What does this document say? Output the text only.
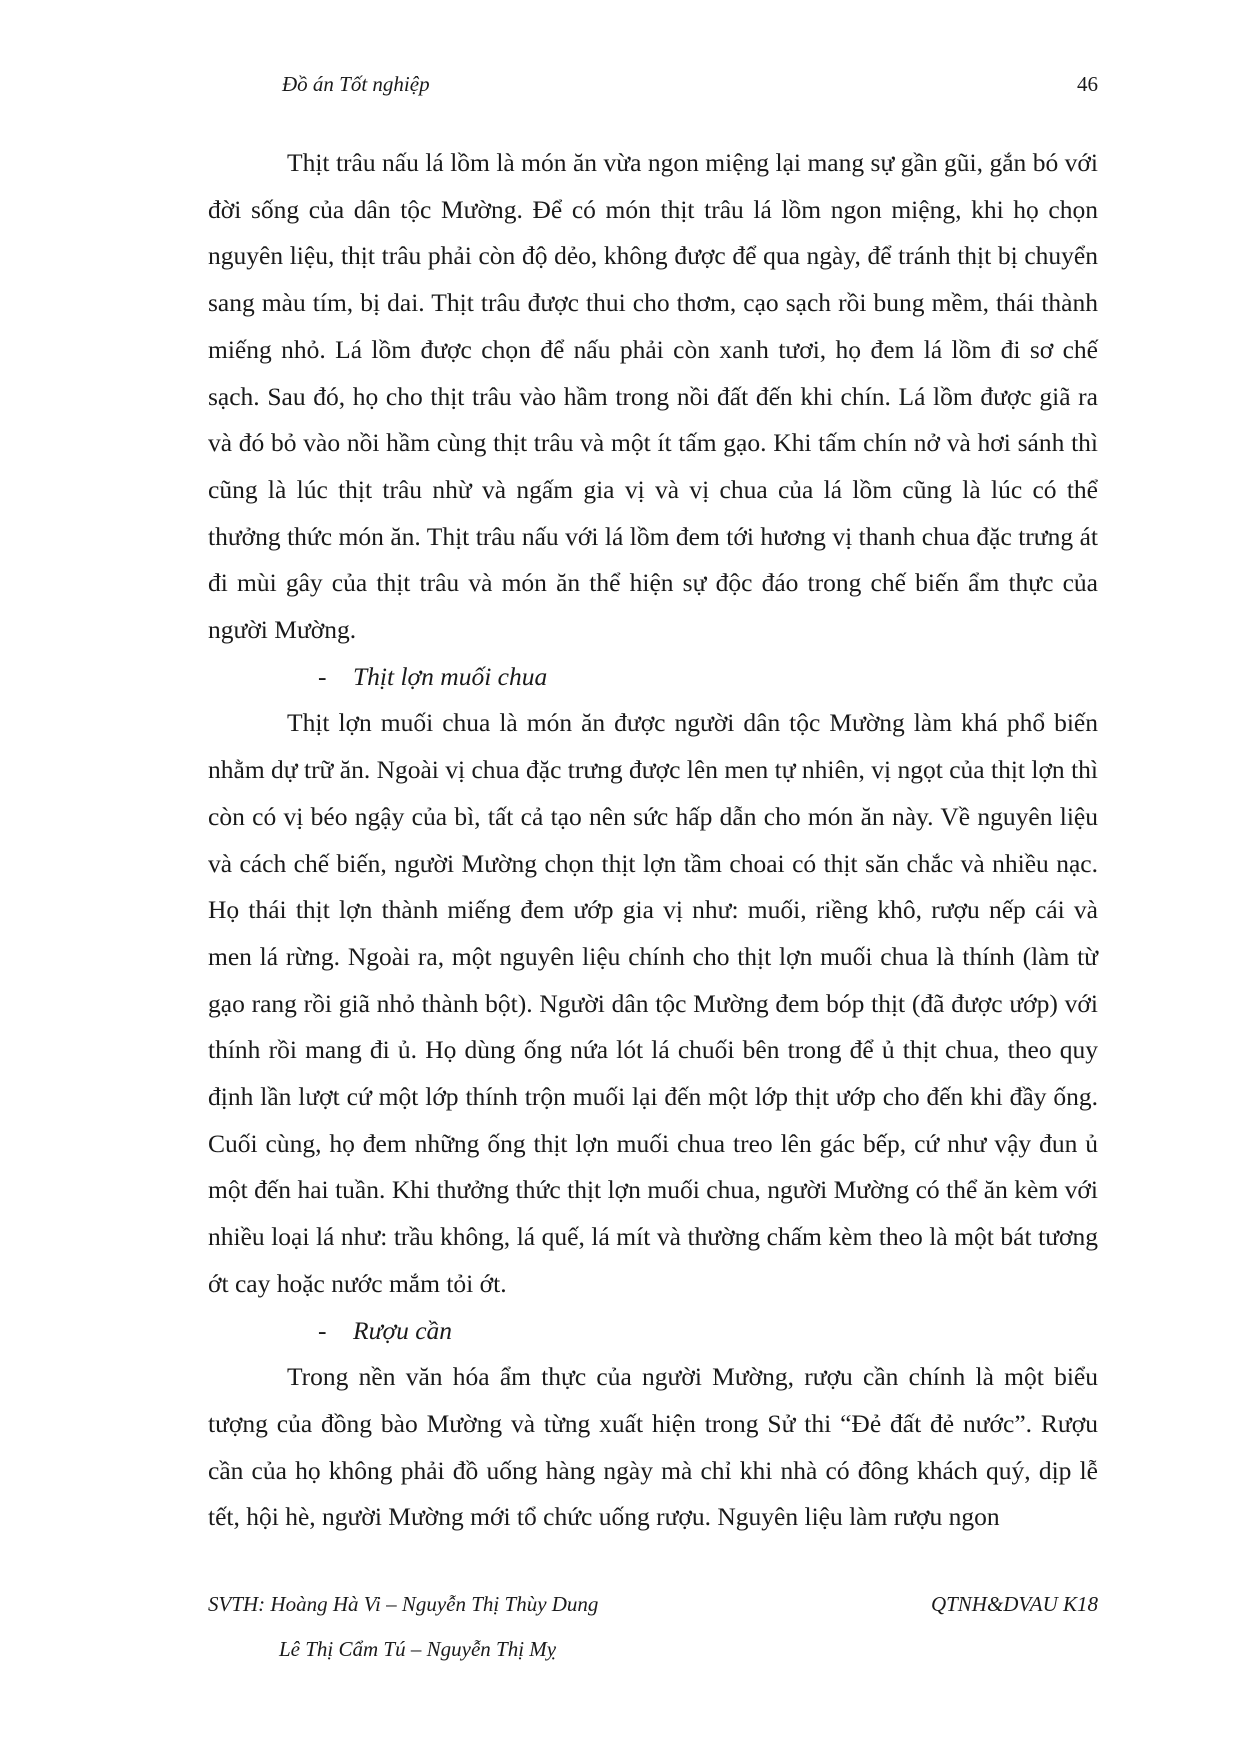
Đồ án Tốt nghiệp	46

Thịt trâu nấu lá lồm là món ăn vừa ngon miệng lại mang sự gần gũi, gắn bó với đời sống của dân tộc Mường. Để có món thịt trâu lá lồm ngon miệng, khi họ chọn nguyên liệu, thịt trâu phải còn độ dẻo, không được để qua ngày, để tránh thịt bị chuyển sang màu tím, bị dai. Thịt trâu được thui cho thơm, cạo sạch rồi bung mềm, thái thành miếng nhỏ. Lá lồm được chọn để nấu phải còn xanh tươi, họ đem lá lồm đi sơ chế sạch. Sau đó, họ cho thịt trâu vào hầm trong nồi đất đến khi chín. Lá lồm được giã ra và đó bỏ vào nồi hầm cùng thịt trâu và một ít tấm gạo. Khi tấm chín nở và hơi sánh thì cũng là lúc thịt trâu nhừ và ngấm gia vị và vị chua của lá lồm cũng là lúc có thể thưởng thức món ăn. Thịt trâu nấu với lá lồm đem tới hương vị thanh chua đặc trưng át đi mùi gây của thịt trâu và món ăn thể hiện sự độc đáo trong chế biến ẩm thực của người Mường.

- Thịt lợn muối chua

Thịt lợn muối chua là món ăn được người dân tộc Mường làm khá phổ biến nhằm dự trữ ăn. Ngoài vị chua đặc trưng được lên men tự nhiên, vị ngọt của thịt lợn thì còn có vị béo ngậy của bì, tất cả tạo nên sức hấp dẫn cho món ăn này. Về nguyên liệu và cách chế biến, người Mường chọn thịt lợn tầm choai có thịt săn chắc và nhiều nạc. Họ thái thịt lợn thành miếng đem ướp gia vị như: muối, riềng khô, rượu nếp cái và men lá rừng. Ngoài ra, một nguyên liệu chính cho thịt lợn muối chua là thính (làm từ gạo rang rồi giã nhỏ thành bột). Người dân tộc Mường đem bóp thịt (đã được ướp) với thính rồi mang đi ủ. Họ dùng ống nứa lót lá chuối bên trong để ủ thịt chua, theo quy định lần lượt cứ một lớp thính trộn muối lại đến một lớp thịt ướp cho đến khi đầy ống. Cuối cùng, họ đem những ống thịt lợn muối chua treo lên gác bếp, cứ như vậy đun ủ một đến hai tuần. Khi thưởng thức thịt lợn muối chua, người Mường có thể ăn kèm với nhiều loại lá như: trầu không, lá quế, lá mít và thường chấm kèm theo là một bát tương ớt cay hoặc nước mắm tỏi ớt.

- Rượu cần

Trong nền văn hóa ẩm thực của người Mường, rượu cần chính là một biểu tượng của đồng bào Mường và từng xuất hiện trong Sử thi “Đẻ đất đẻ nước”. Rượu cần của họ không phải đồ uống hàng ngày mà chỉ khi nhà có đông khách quý, dịp lễ tết, hội hè, người Mường mới tổ chức uống rượu. Nguyên liệu làm rượu ngon

SVTH: Hoàng Hà Vi – Nguyễn Thị Thùy Dung	QTNH&DVAU K18
Lê Thị Cẩm Tú – Nguyễn Thị Mỵ
